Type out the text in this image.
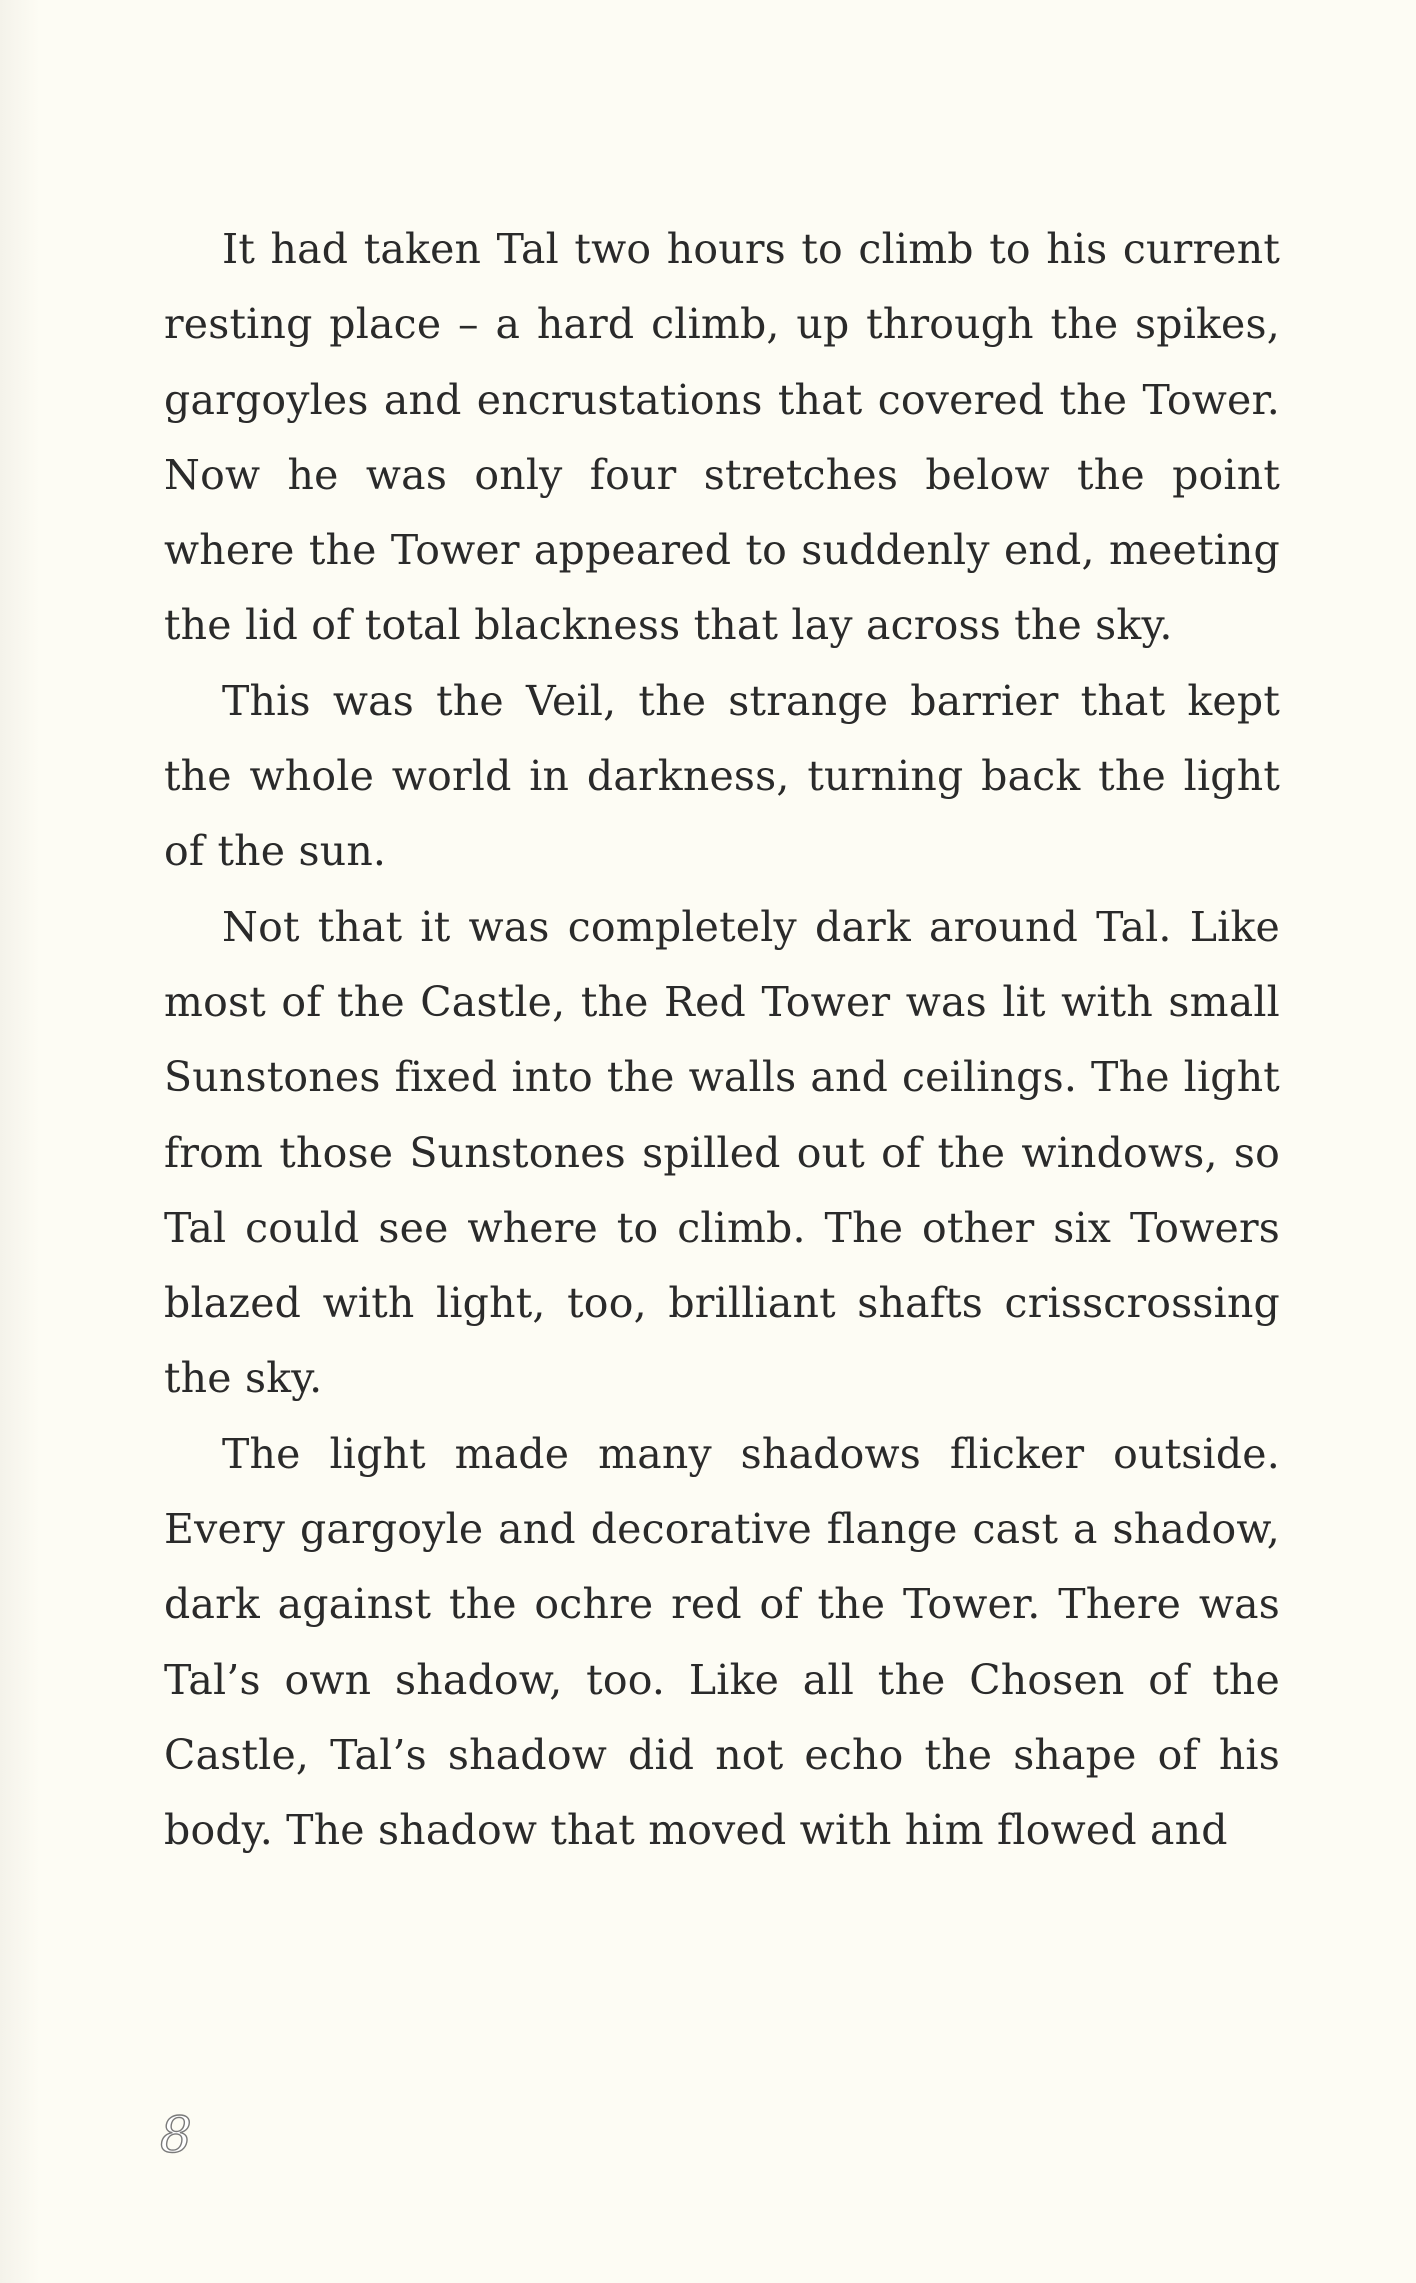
It had taken Tal two hours to climb to his current resting place – a hard climb, up through the spikes, gargoyles and encrustations that covered the Tower. Now he was only four stretches below the point where the Tower appeared to suddenly end, meeting the lid of total blackness that lay across the sky.

This was the Veil, the strange barrier that kept the whole world in darkness, turning back the light of the sun.

Not that it was completely dark around Tal. Like most of the Castle, the Red Tower was lit with small Sunstones fixed into the walls and ceilings. The light from those Sunstones spilled out of the windows, so Tal could see where to climb. The other six Towers blazed with light, too, brilliant shafts crisscrossing the sky.

The light made many shadows flicker outside. Every gargoyle and decorative flange cast a shadow, dark against the ochre red of the Tower. There was Tal’s own shadow, too. Like all the Chosen of the Castle, Tal’s shadow did not echo the shape of his body. The shadow that moved with him flowed and

8
